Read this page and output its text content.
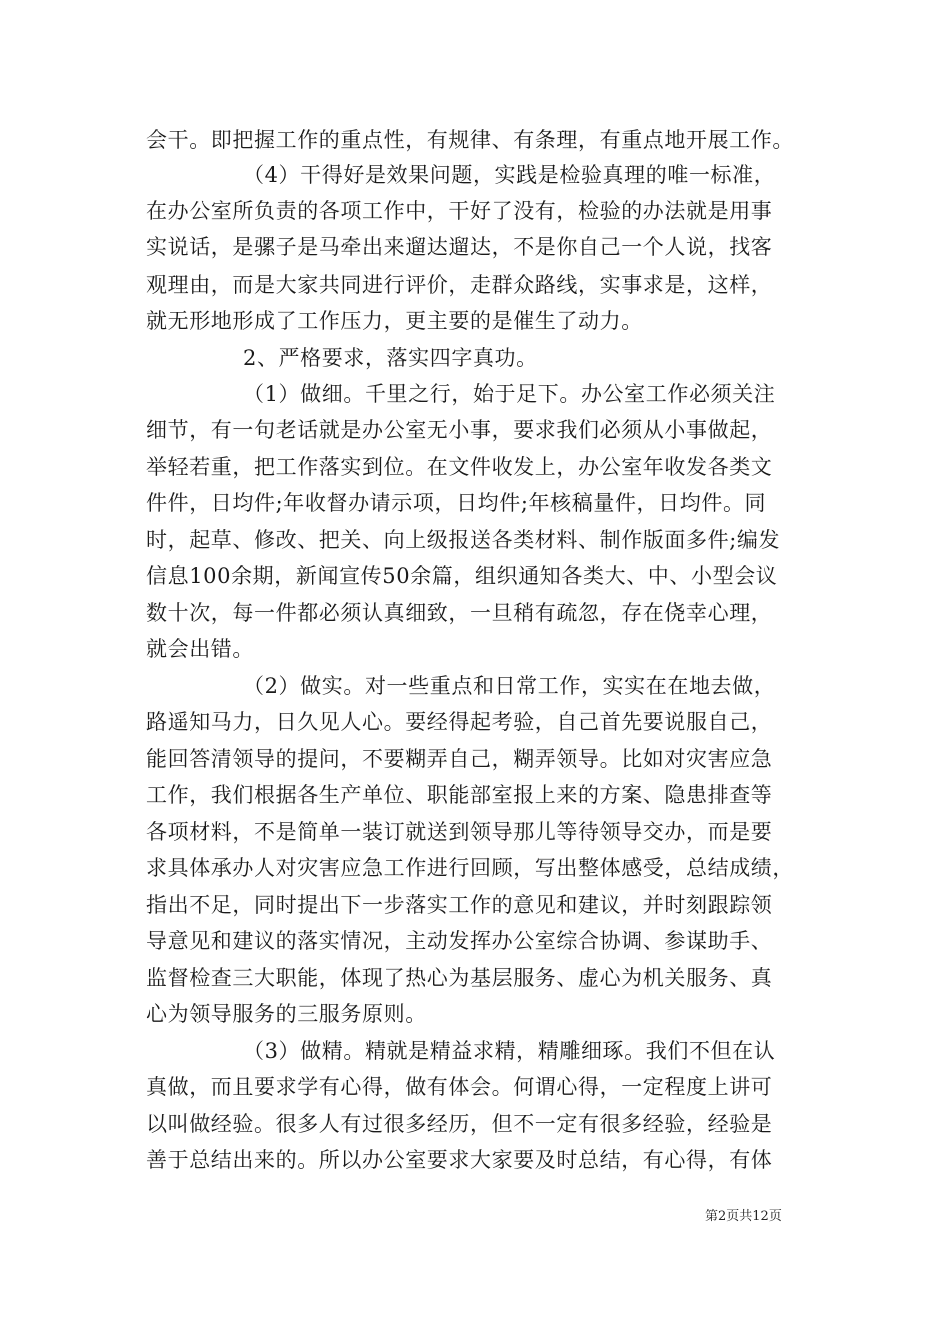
会干。即把握工作的重点性，有规律、有条理，有重点地开展工作。
（4）干得好是效果问题，实践是检验真理的唯一标准，
在办公室所负责的各项工作中，干好了没有，检验的办法就是用事
实说话，是骡子是马牵出来遛达遛达，不是你自己一个人说，找客
观理由，而是大家共同进行评价，走群众路线，实事求是，这样，
就无形地形成了工作压力，更主要的是催生了动力。
2、严格要求，落实四字真功。
（1）做细。千里之行，始于足下。办公室工作必须关注
细节，有一句老话就是办公室无小事，要求我们必须从小事做起，
举轻若重，把工作落实到位。在文件收发上，办公室年收发各类文
件件，日均件;年收督办请示项，日均件;年核稿量件，日均件。同
时，起草、修改、把关、向上级报送各类材料、制作版面多件;编发
信息100余期，新闻宣传50余篇，组织通知各类大、中、小型会议
数十次，每一件都必须认真细致，一旦稍有疏忽，存在侥幸心理，
就会出错。
（2）做实。对一些重点和日常工作，实实在在地去做，
路遥知马力，日久见人心。要经得起考验，自己首先要说服自己，
能回答清领导的提问，不要糊弄自己，糊弄领导。比如对灾害应急
工作，我们根据各生产单位、职能部室报上来的方案、隐患排查等
各项材料，不是简单一装订就送到领导那儿等待领导交办，而是要
求具体承办人对灾害应急工作进行回顾，写出整体感受，总结成绩，
指出不足，同时提出下一步落实工作的意见和建议，并时刻跟踪领
导意见和建议的落实情况，主动发挥办公室综合协调、参谋助手、
监督检查三大职能，体现了热心为基层服务、虚心为机关服务、真
心为领导服务的三服务原则。
（3）做精。精就是精益求精，精雕细琢。我们不但在认
真做，而且要求学有心得，做有体会。何谓心得，一定程度上讲可
以叫做经验。很多人有过很多经历，但不一定有很多经验，经验是
善于总结出来的。所以办公室要求大家要及时总结，有心得，有体
第2页共12页
